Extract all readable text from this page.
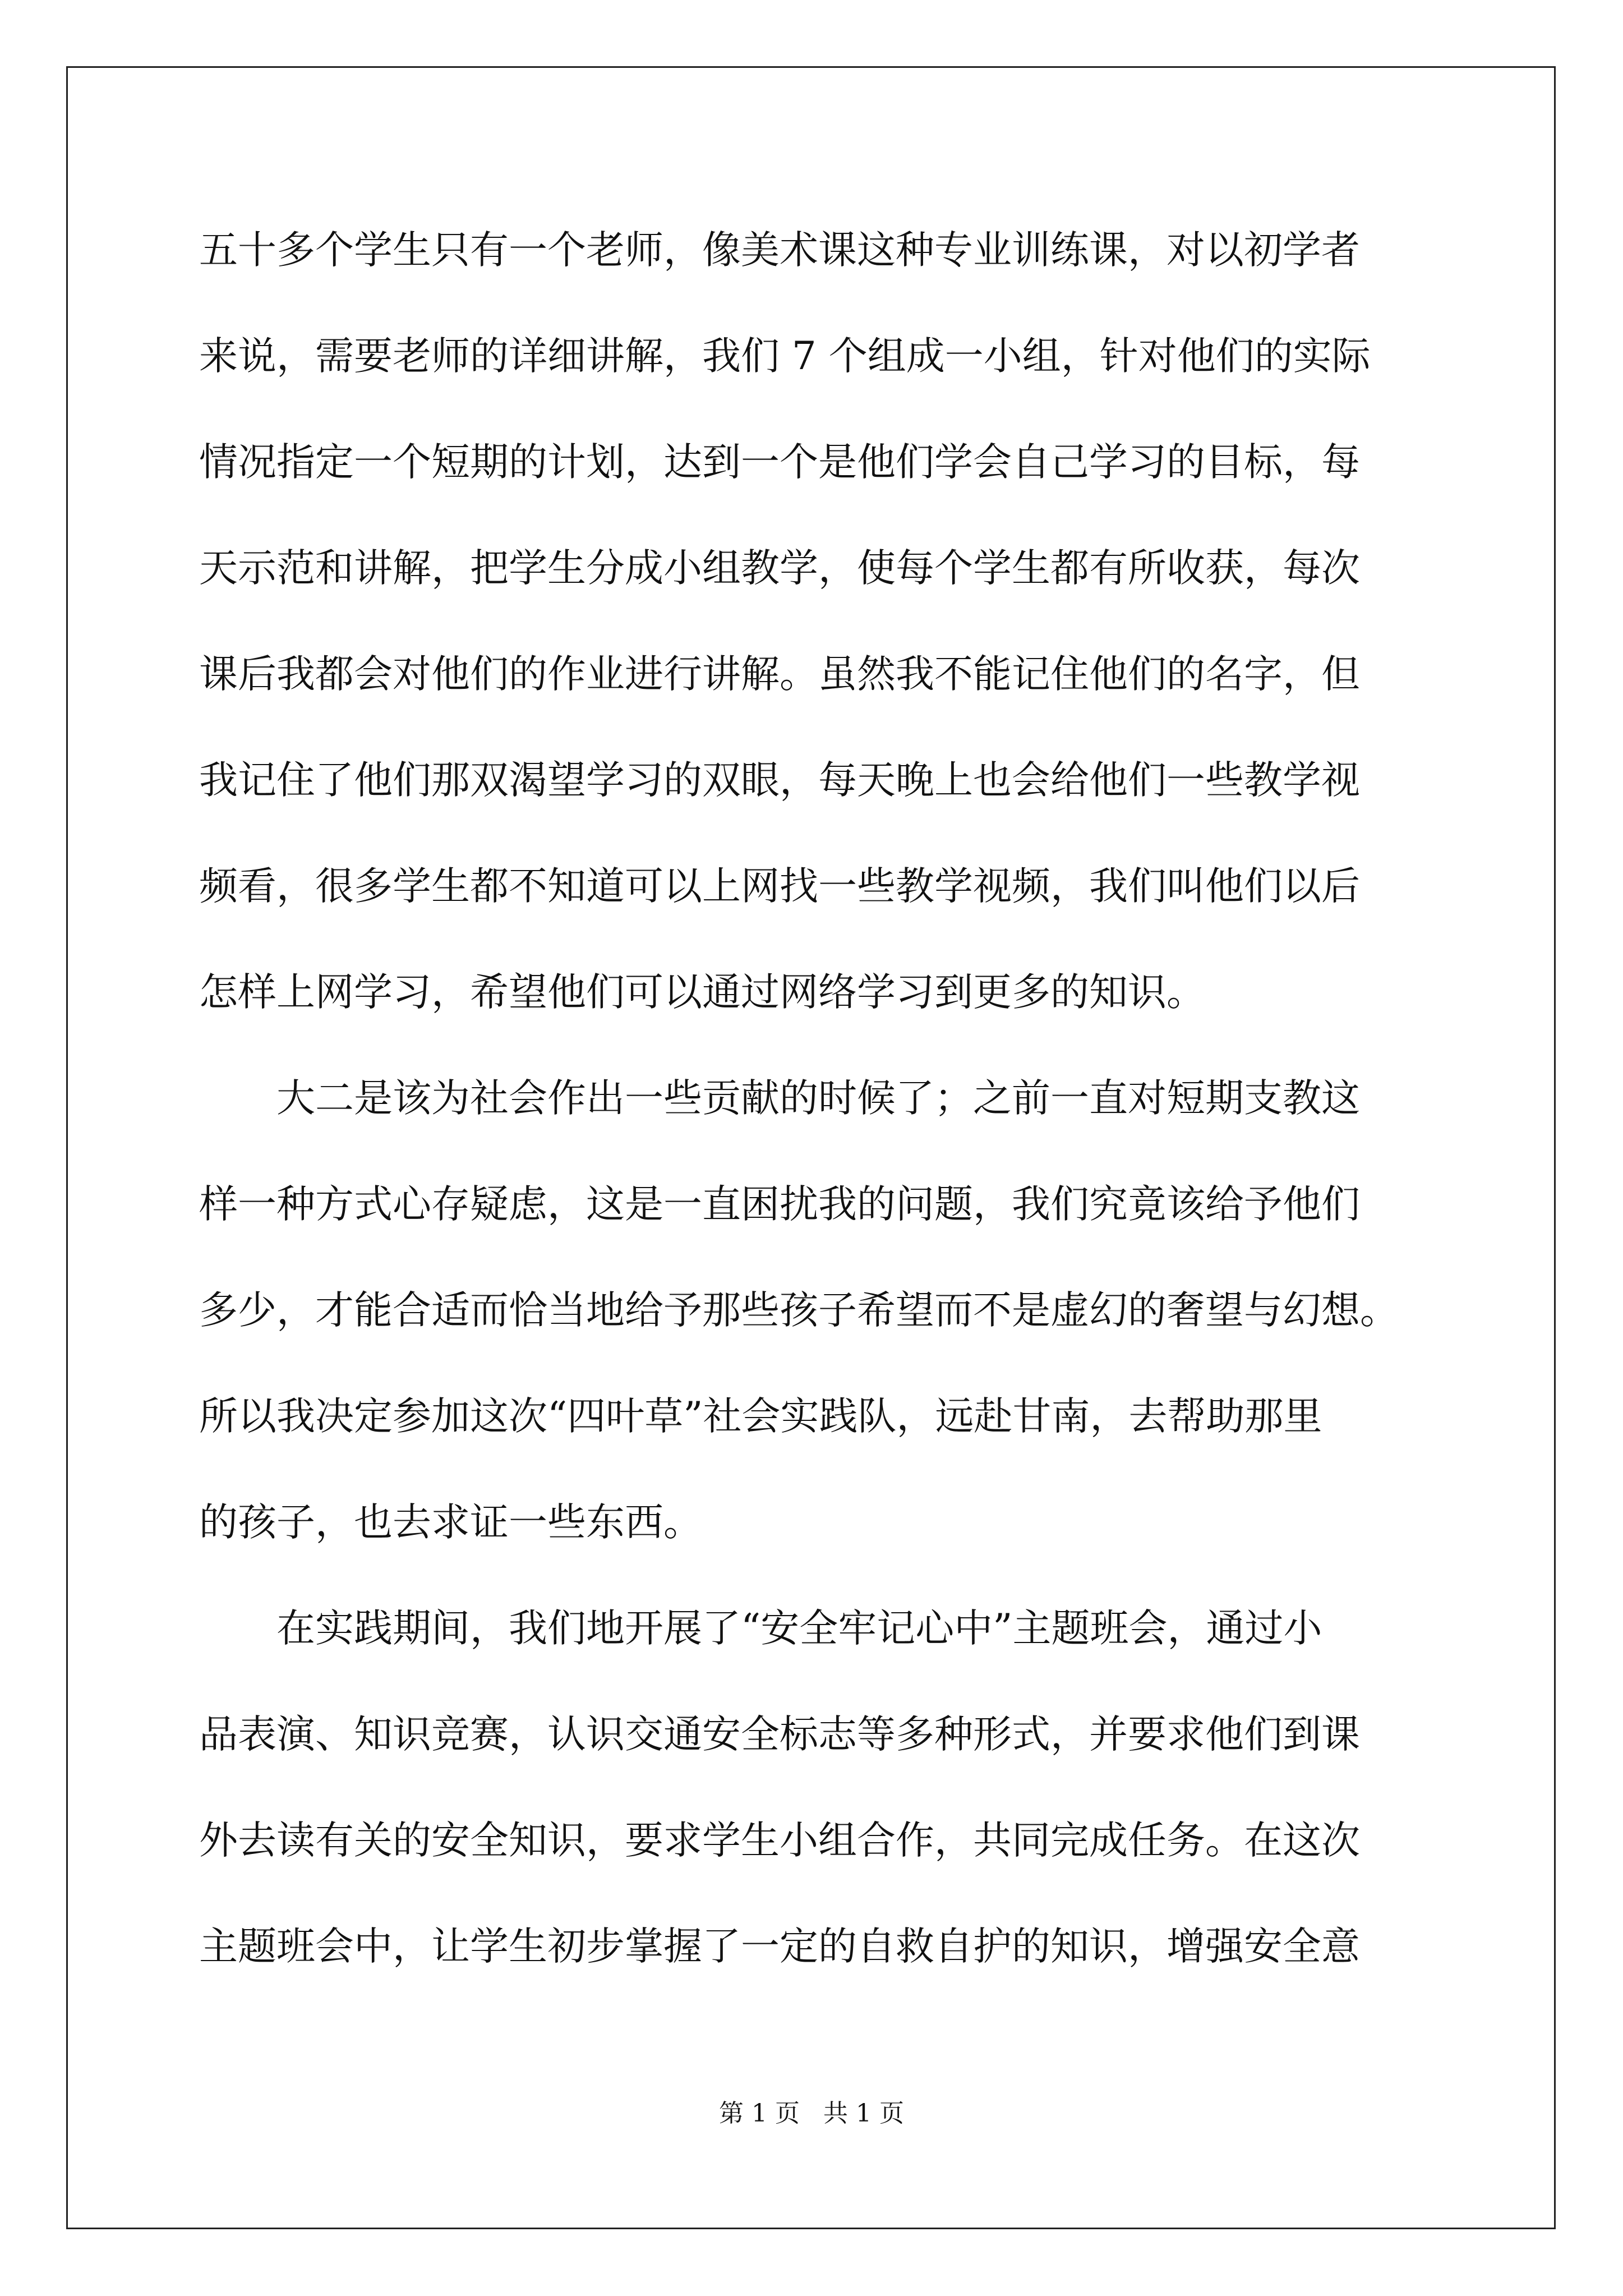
五十多个学生只有一个老师，像美术课这种专业训练课，对以初学者
来说，需要老师的详细讲解，我们 7 个组成一小组，针对他们的实际
情况指定一个短期的计划，达到一个是他们学会自己学习的目标，每
天示范和讲解，把学生分成小组教学，使每个学生都有所收获，每次
课后我都会对他们的作业进行讲解。虽然我不能记住他们的名字，但
我记住了他们那双渴望学习的双眼，每天晚上也会给他们一些教学视
频看，很多学生都不知道可以上网找一些教学视频，我们叫他们以后
怎样上网学习，希望他们可以通过网络学习到更多的知识。
大二是该为社会作出一些贡献的时候了；之前一直对短期支教这
样一种方式心存疑虑，这是一直困扰我的问题，我们究竟该给予他们
多少，才能合适而恰当地给予那些孩子希望而不是虚幻的奢望与幻想。
所以我决定参加这次“四叶草”社会实践队，远赴甘南，去帮助那里
的孩子，也去求证一些东西。
在实践期间，我们地开展了“安全牢记心中”主题班会，通过小
品表演、知识竞赛，认识交通安全标志等多种形式，并要求他们到课
外去读有关的安全知识，要求学生小组合作，共同完成任务。在这次
主题班会中，让学生初步掌握了一定的自救自护的知识，增强安全意
第 1 页   共 1 页
